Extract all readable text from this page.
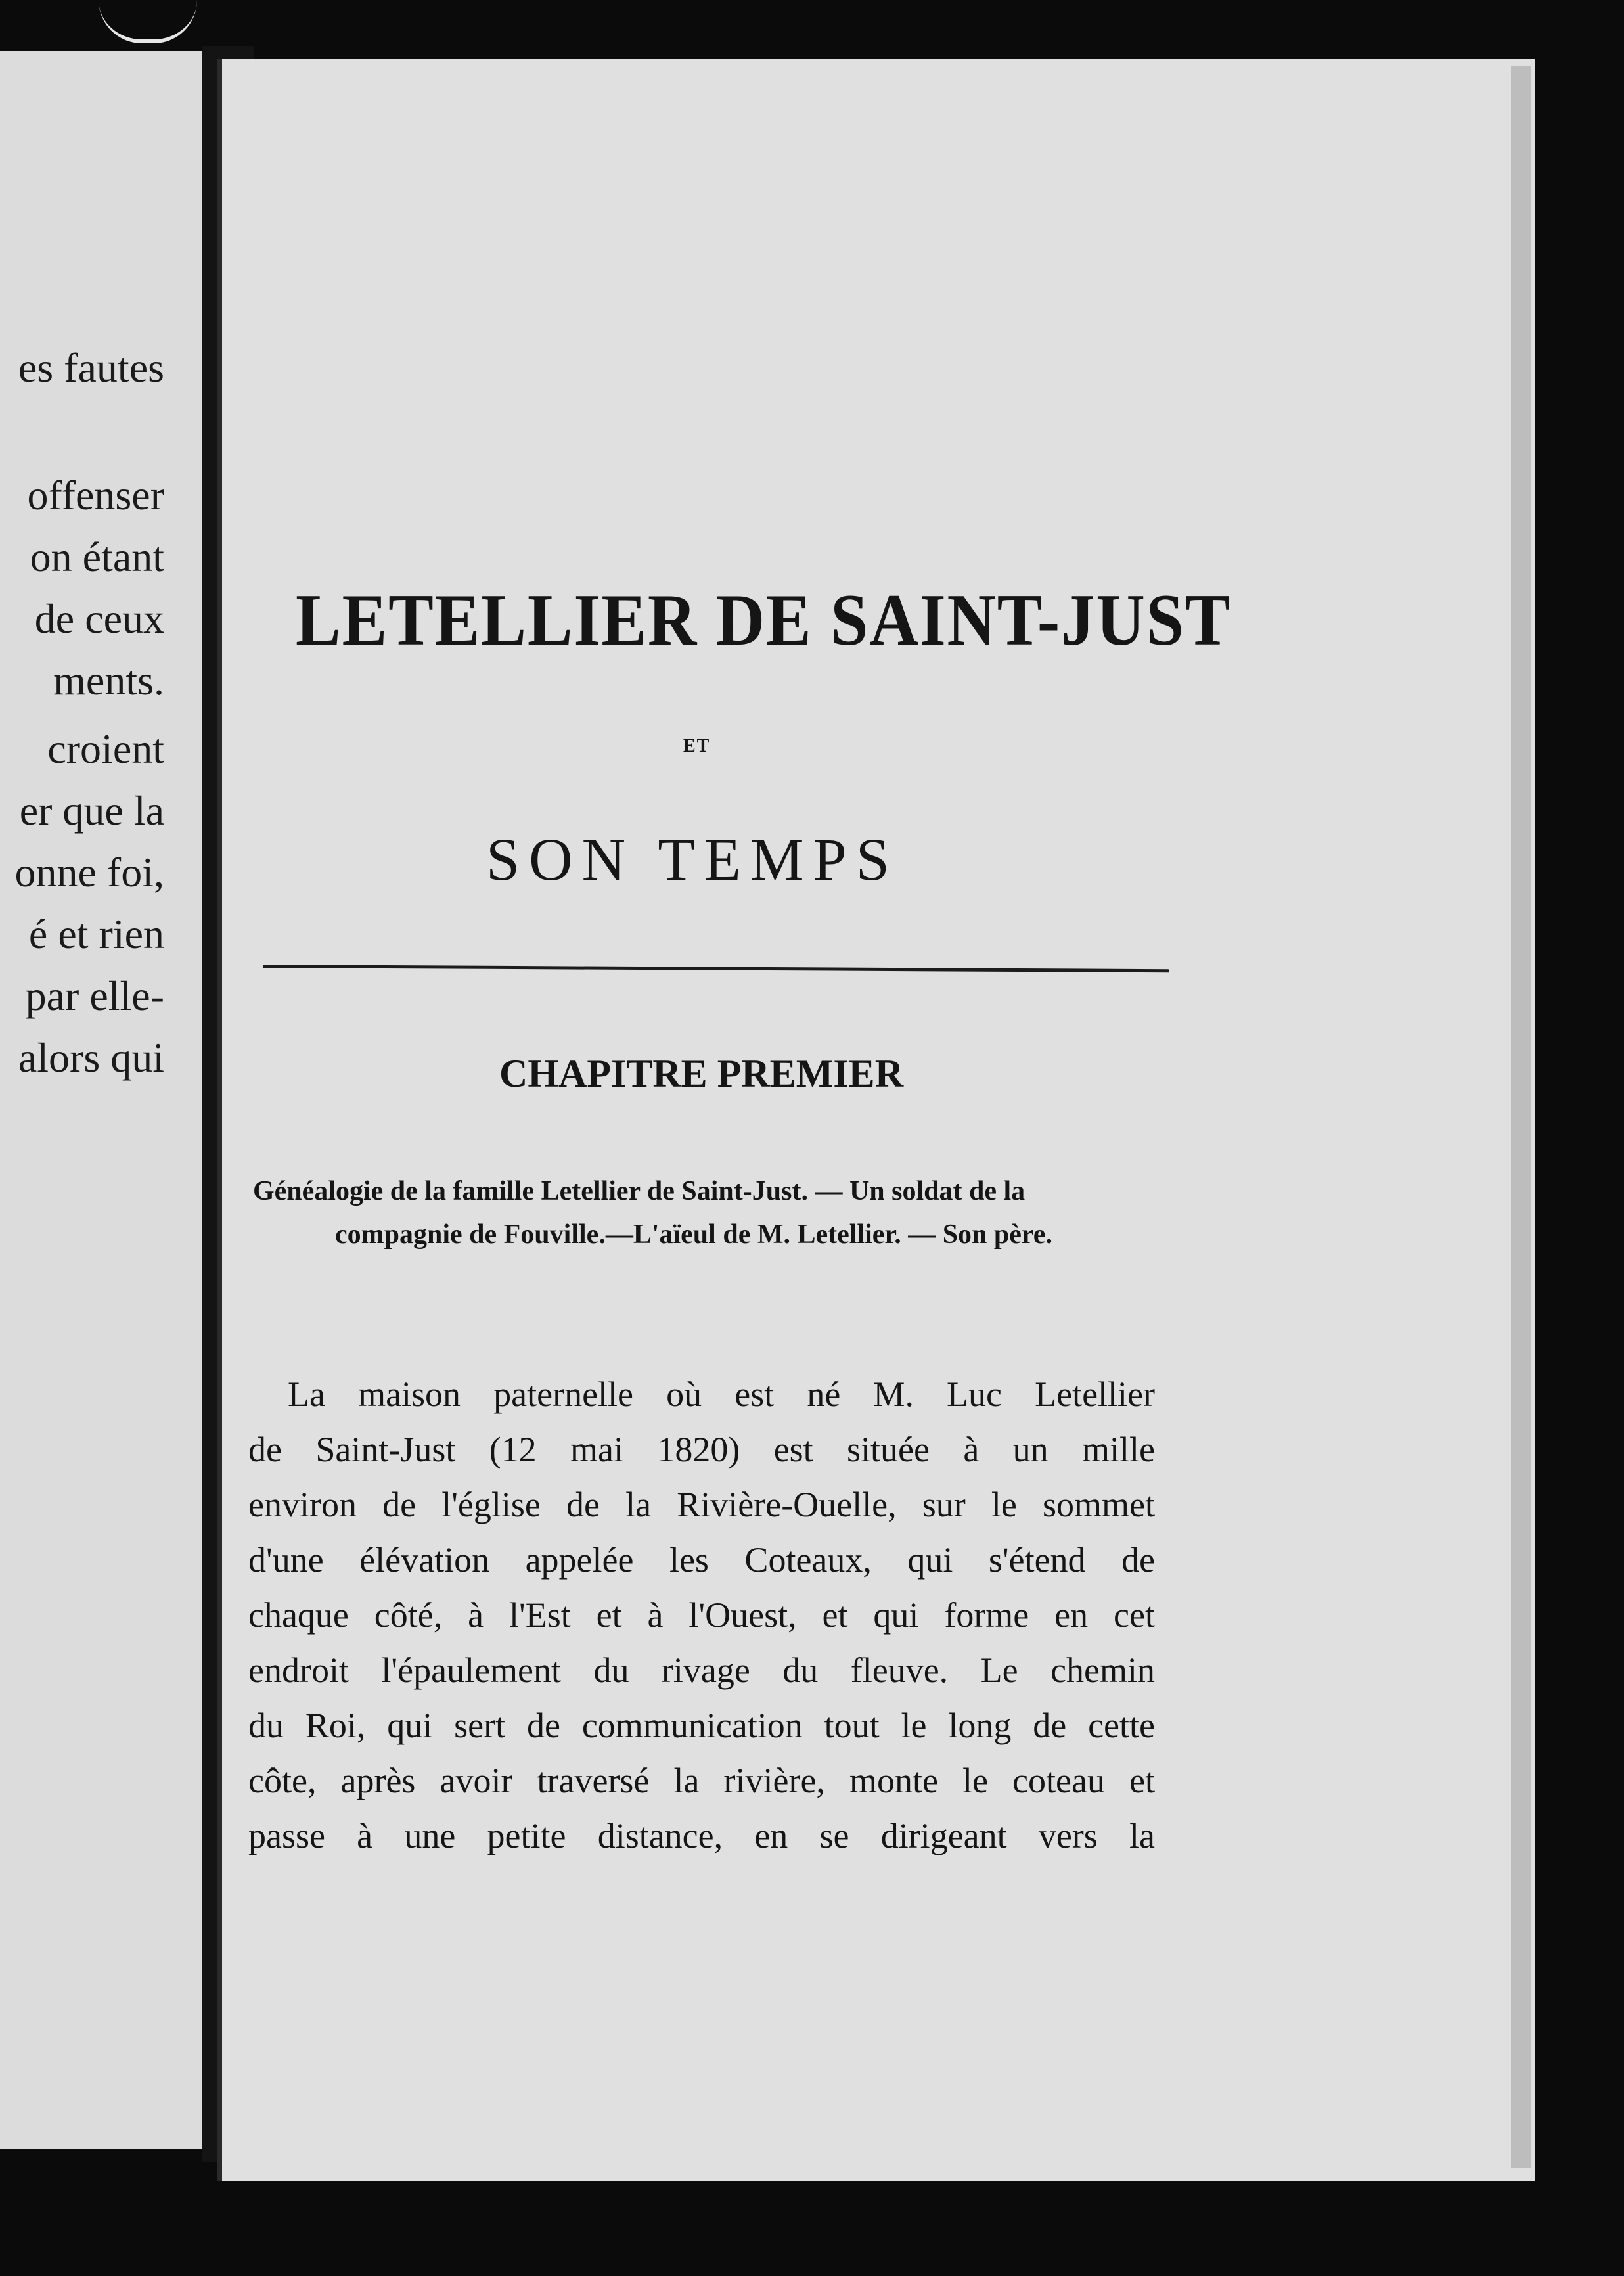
es fautes
offenser
on étant
de ceux
ments.
croient
er que la
onne foi,
é et rien
par elle-
alors qui
LETELLIER DE SAINT-JUST
ET
SON TEMPS
CHAPITRE PREMIER
Généalogie de la famille Letellier de Saint-Just. — Un soldat de la
compagnie de Fouville.—L'aïeul de M. Letellier. — Son père.
La maison paternelle où est né M. Luc Letellier
de Saint-Just (12 mai 1820) est située à un mille
environ de l'église de la Rivière-Ouelle, sur le sommet
d'une élévation appelée les Coteaux, qui s'étend de
chaque côté, à l'Est et à l'Ouest, et qui forme en cet
endroit l'épaulement du rivage du fleuve. Le chemin
du Roi, qui sert de communication tout le long de cette
côte, après avoir traversé la rivière, monte le coteau et
passe à une petite distance, en se dirigeant vers la
